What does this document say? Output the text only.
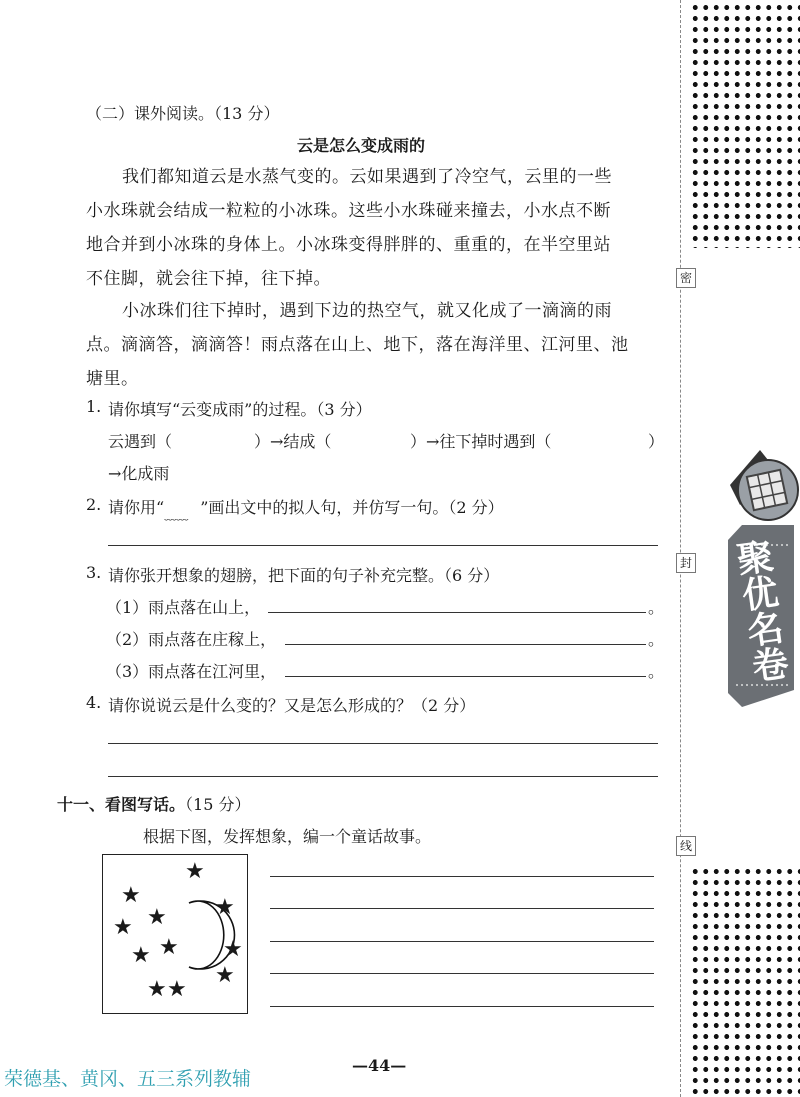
（二）课外阅读。（13 分）
云是怎么变成雨的
我们都知道云是水蒸气变的。云如果遇到了冷空气，云里的一些
小水珠就会结成一粒粒的小冰珠。这些小水珠碰来撞去，小水点不断
地合并到小冰珠的身体上。小冰珠变得胖胖的、重重的，在半空里站
不住脚，就会往下掉，往下掉。
小冰珠们往下掉时，遇到下边的热空气，就又化成了一滴滴的雨
点。滴滴答，滴滴答！雨点落在山上、地下，落在海洋里、江河里、池
塘里。
1. 请你填写“云变成雨”的过程。（3 分）
云遇到（	）→结成（	）→往下掉时遇到（	）
→化成雨
2. 请你用“﹏﹏ ”画出文中的拟人句，并仿写一句。（2 分）
3. 请你张开想象的翅膀，把下面的句子补充完整。（6 分）
（1）雨点落在山上，	。
（2）雨点落在庄稼上，	。
（3）雨点落在江河里，	。
4. 请你说说云是什么变的？又是怎么形成的？（2 分）
十一、看图写话。（15 分）
根据下图，发挥想象，编一个童话故事。
★
★	★
★
★
★
★	★
★
★ ★
—44—
荣德基、黄冈、五三系列教辅
密
封
线
聚优名卷
